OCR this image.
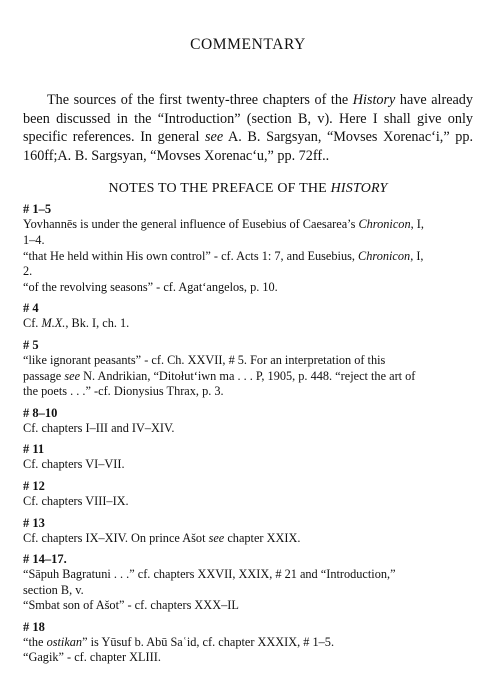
COMMENTARY

The sources of the first twenty-three chapters of the History have already been discussed in the “Introduction” (section B, v). Here I shall give only specific references. In general see A. B. Sargsyan, “Movses Xorenacʻi,” pp. 160ff;A. B. Sargsyan, “Movses Xorenacʻu,” pp. 72ff..

NOTES TO THE PREFACE OF THE HISTORY

# 1–5

Yovhannēs is under the general influence of Eusebius of Caesarea’s Chronicon, I,

1–4.

“that He held within His own control” - cf. Acts 1: 7, and Eusebius, Chronicon, I,

2.

“of the revolving seasons” - cf. Agatʻangelos, p. 10.

# 4

Cf. M.X., Bk. I, ch. 1.

# 5

“like ignorant peasants” - cf. Ch. XXVII, # 5. For an interpretation of this

passage see N. Andrikian, “Ditołutʻiwn ma . . . P, 1905, p. 448. “reject the art of

the poets . . .” -cf. Dionysius Thrax, p. 3.

# 8–10

Cf. chapters I–III and IV–XIV.

# 11

Cf. chapters VI–VII.

# 12

Cf. chapters VIII–IX.

# 13

Cf. chapters IX–XIV. On prince Ašot see chapter XXIX.

# 14–17.

“Sāpuh Bagratuni . . .” cf. chapters XXVII, XXIX, # 21 and “Introduction,”

section B, v.

“Smbat son of Ašot” - cf. chapters XXX–IL

# 18

“the ostikan” is Yūsuf b. Abū Saʿid, cf. chapter XXXIX, # 1–5.

“Gagik” - cf. chapter XLIII.
